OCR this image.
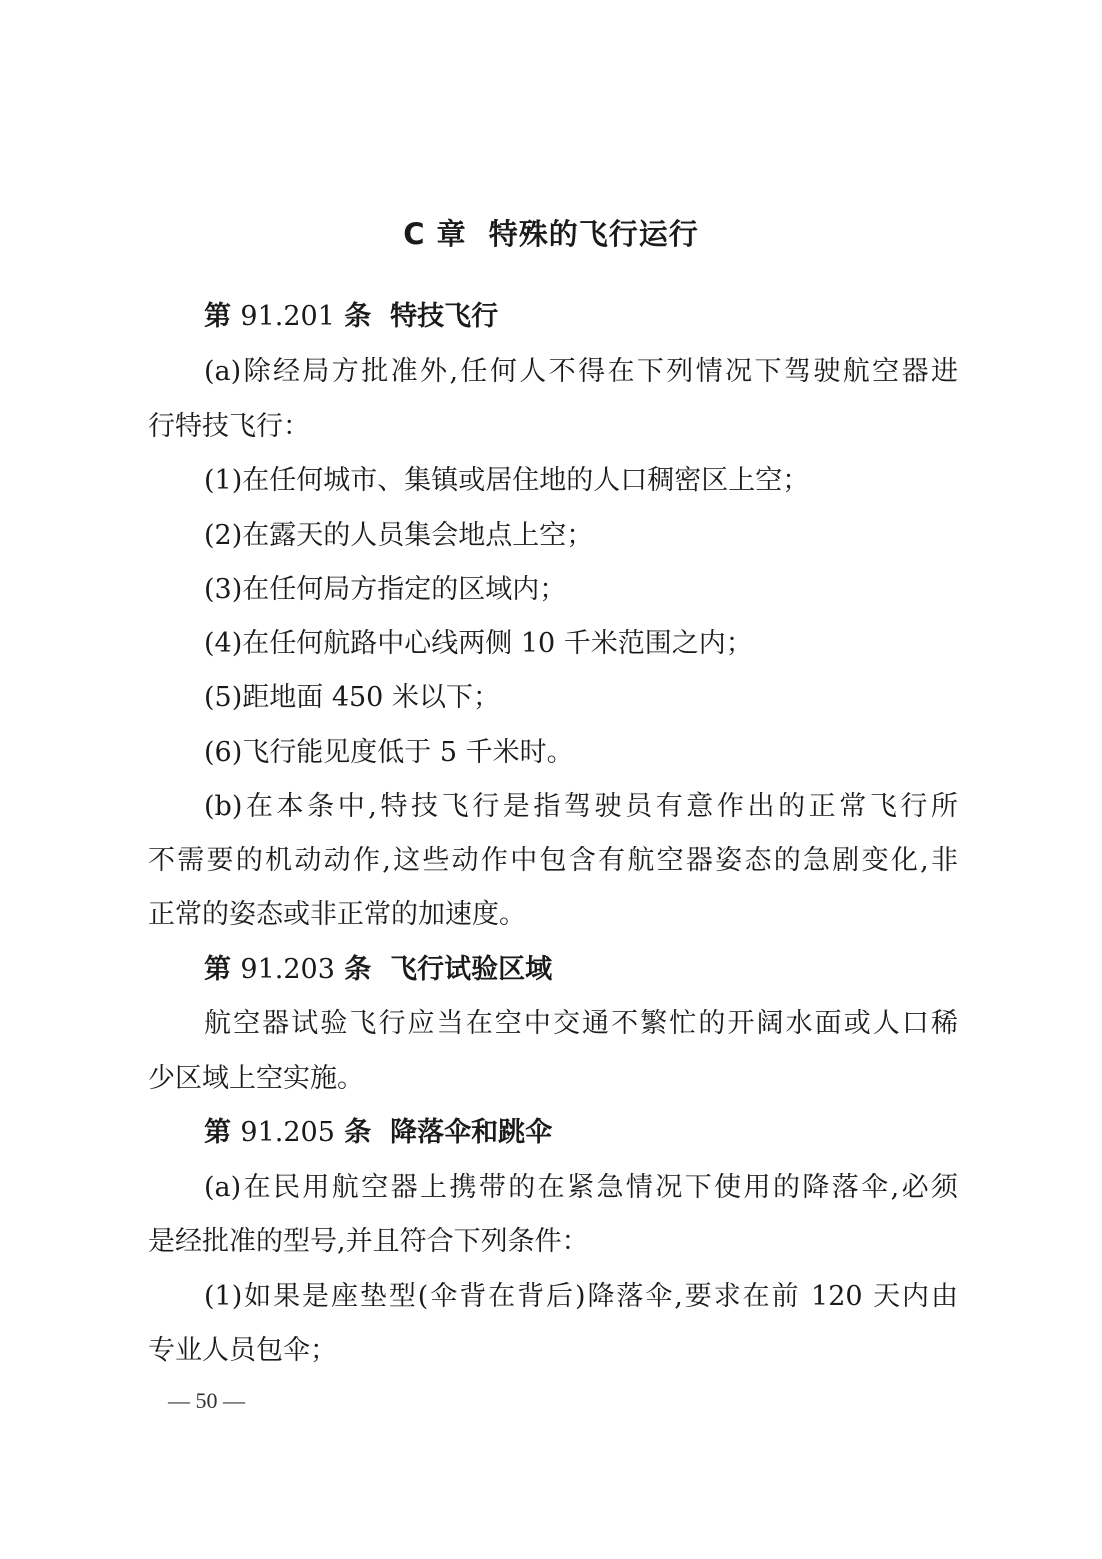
C 章  特殊的飞行运行
第 91.201 条  特技飞行
(a)除经局方批准外,任何人不得在下列情况下驾驶航空器进
行特技飞行：
(1)在任何城市、集镇或居住地的人口稠密区上空；
(2)在露天的人员集会地点上空；
(3)在任何局方指定的区域内；
(4)在任何航路中心线两侧 10 千米范围之内；
(5)距地面 450 米以下；
(6)飞行能见度低于 5 千米时。
(b)在本条中,特技飞行是指驾驶员有意作出的正常飞行所
不需要的机动动作,这些动作中包含有航空器姿态的急剧变化,非
正常的姿态或非正常的加速度。
第 91.203 条  飞行试验区域
航空器试验飞行应当在空中交通不繁忙的开阔水面或人口稀
少区域上空实施。
第 91.205 条  降落伞和跳伞
(a)在民用航空器上携带的在紧急情况下使用的降落伞,必须
是经批准的型号,并且符合下列条件：
(1)如果是座垫型(伞背在背后)降落伞,要求在前 120 天内由
专业人员包伞；
— 50 —
